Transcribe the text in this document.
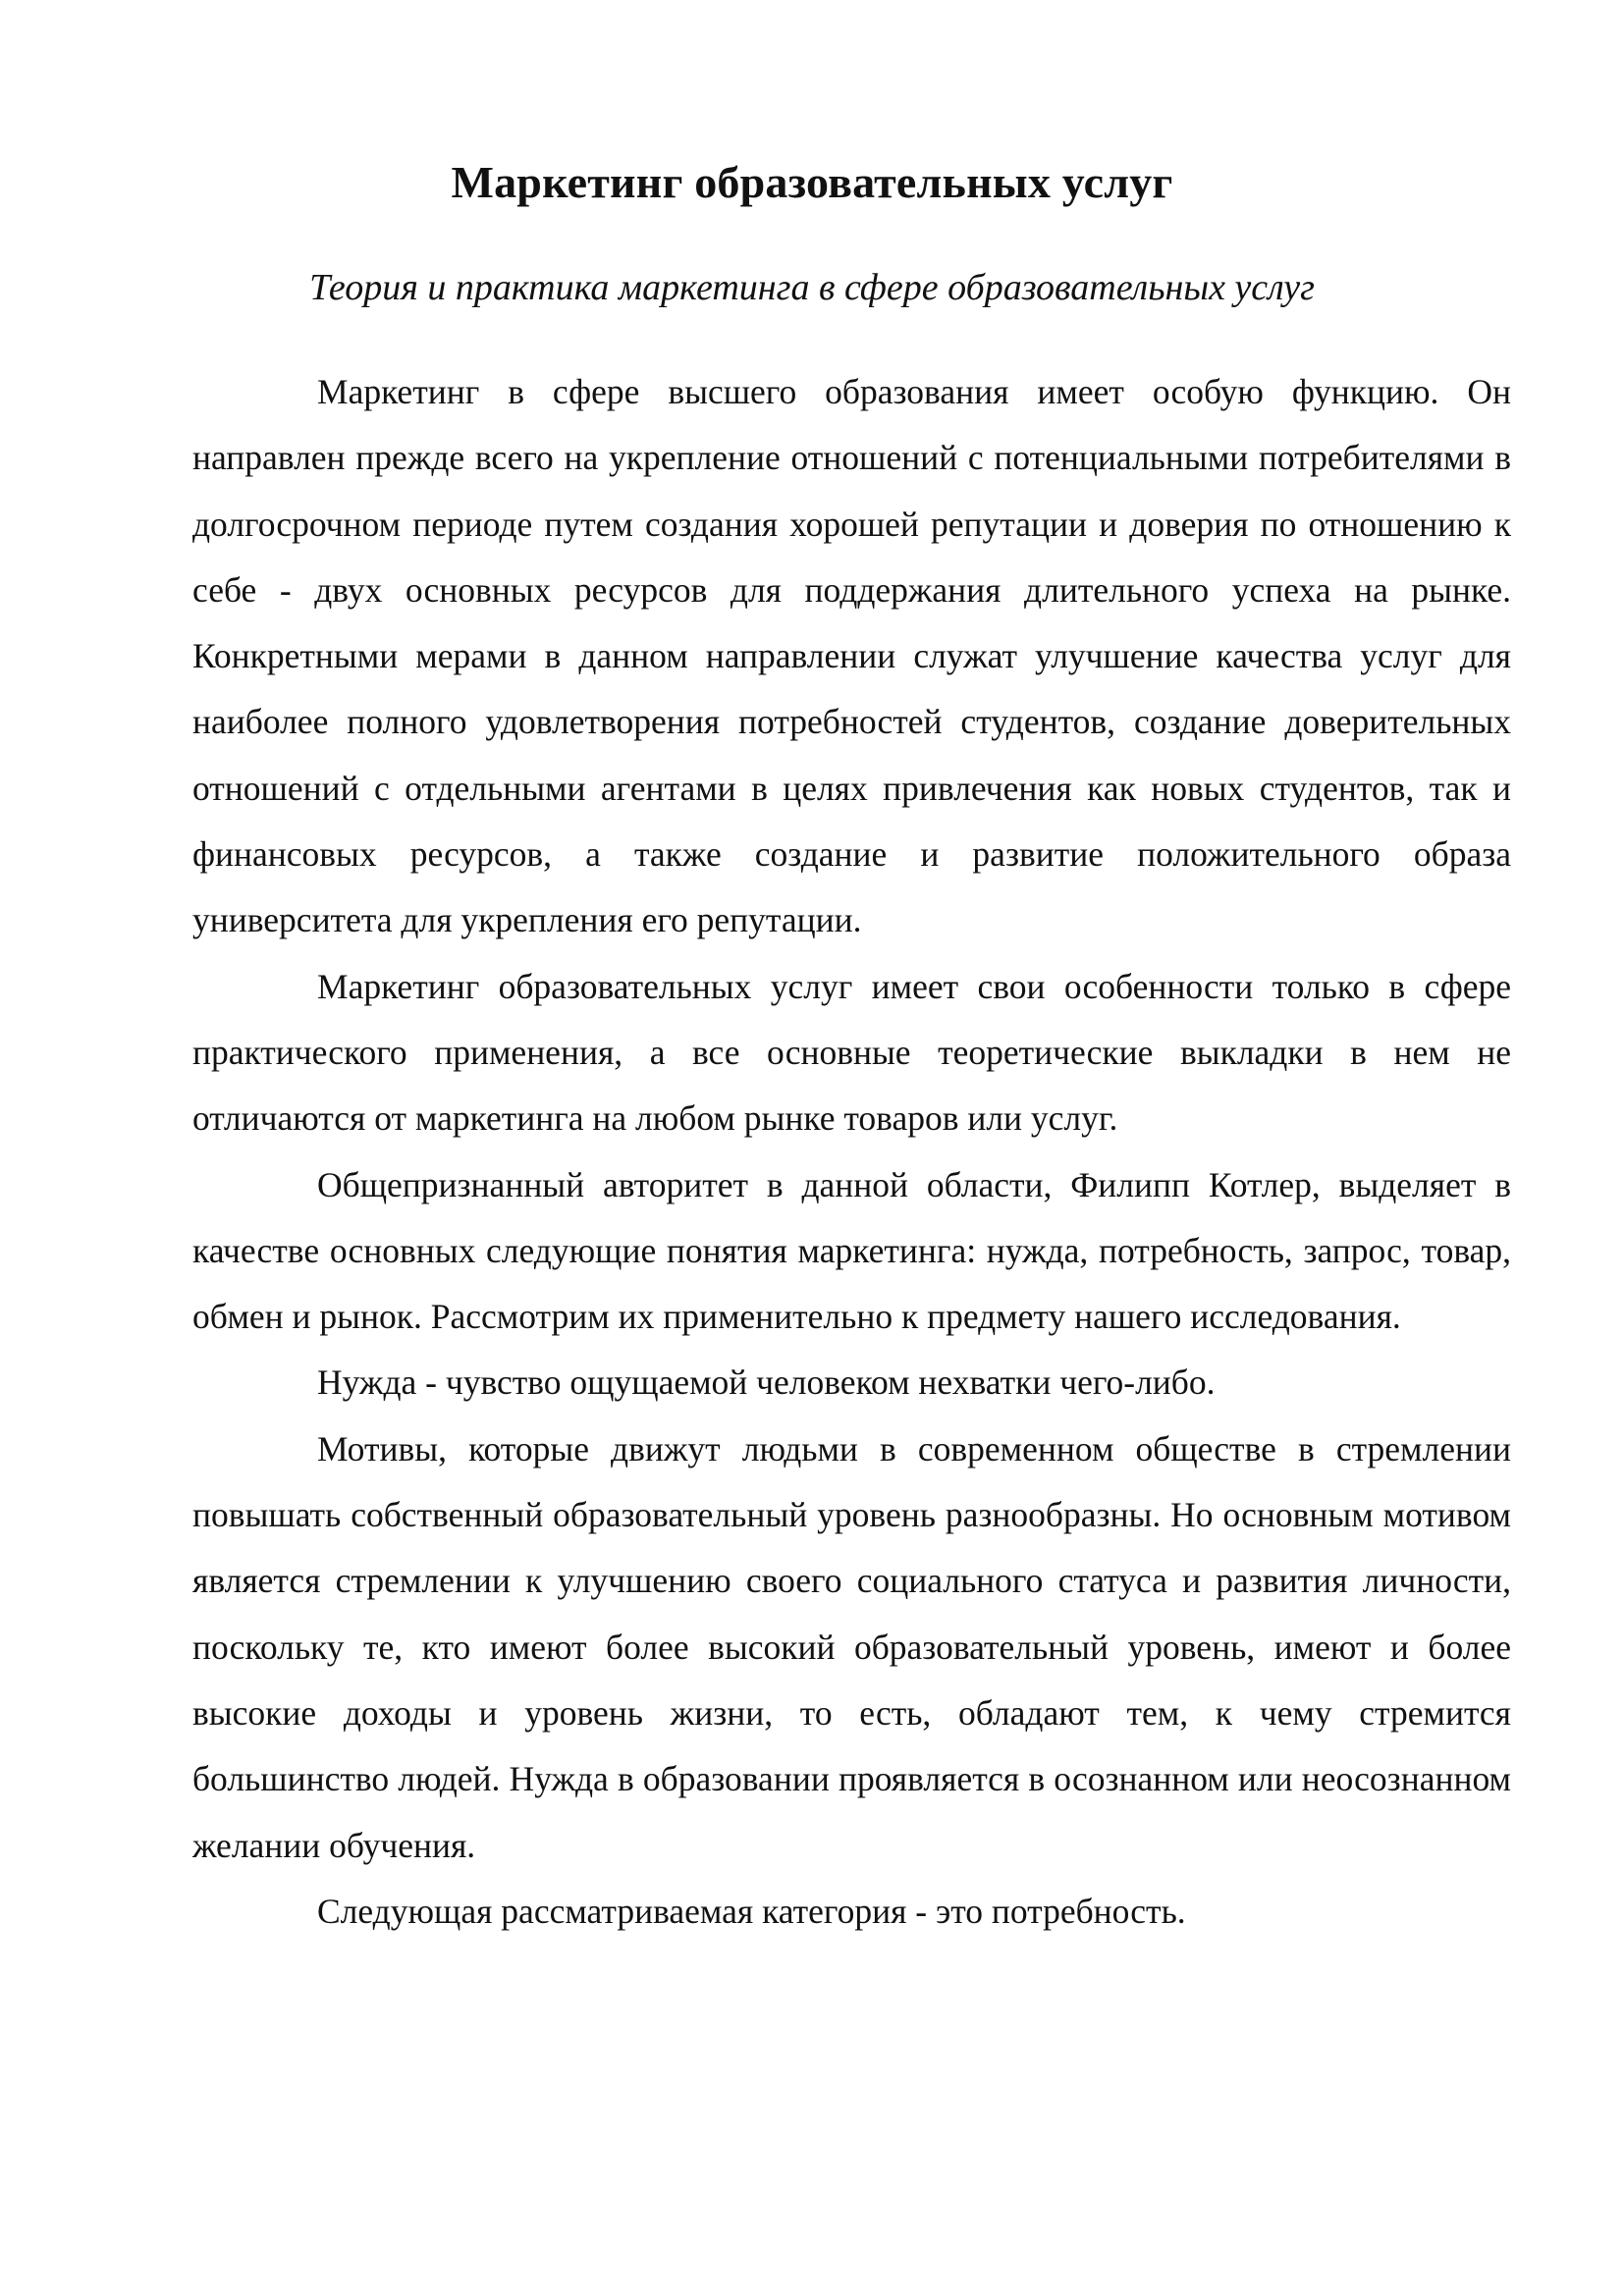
Маркетинг образовательных услуг
Теория и практика маркетинга в сфере образовательных услуг

Маркетинг в сфере высшего образования имеет особую функцию. Он направлен прежде всего на укрепление отношений с потенциальными потребителями в долгосрочном периоде путем создания хорошей репутации и доверия по отношению к себе - двух основных ресурсов для поддержания длительного успеха на рынке. Конкретными мерами в данном направлении служат улучшение качества услуг для наиболее полного удовлетворения потребностей студентов, создание доверительных отношений с отдельными агентами в целях привлечения как новых студентов, так и финансовых ресурсов, а также создание и развитие положительного образа университета для укрепления его репутации.

Маркетинг образовательных услуг имеет свои особенности только в сфере практического применения, а все основные теоретические выкладки в нем не отличаются от маркетинга на любом рынке товаров или услуг.

Общепризнанный авторитет в данной области, Филипп Котлер, выделяет в качестве основных следующие понятия маркетинга: нужда, потребность, запрос, товар, обмен и рынок. Рассмотрим их применительно к предмету нашего исследования.

Нужда - чувство ощущаемой человеком нехватки чего-либо.

Мотивы, которые движут людьми в современном обществе в стремлении повышать собственный образовательный уровень разнообразны. Но основным мотивом является стремлении к улучшению своего социального статуса и развития личности, поскольку те, кто имеют более высокий образовательный уровень, имеют и более высокие доходы и уровень жизни, то есть, обладают тем, к чему стремится большинство людей. Нужда в образовании проявляется в осознанном или неосознанном желании обучения.

Следующая рассматриваемая категория - это потребность.
